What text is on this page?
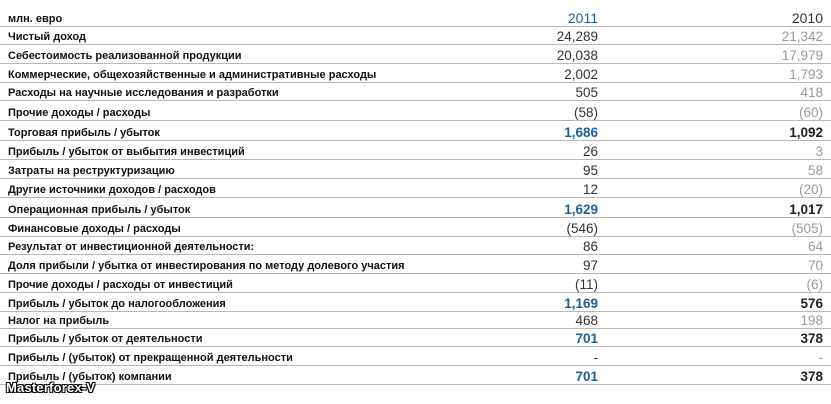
млн. евро	2011	2010
Чистый доход	24,289	21,342
Себестоимость реализованной продукции	20,038	17,979
Коммерческие, общехозяйственные и административные расходы	2,002	1,793
Расходы на научные исследования и разработки	505	418
Прочие доходы / расходы	(58)	(60)
Торговая прибыль / убыток	1,686	1,092
Прибыль / убыток от выбытия инвестиций	26	3
Затраты на реструктуризацию	95	58
Другие источники доходов / расходов	12	(20)
Операционная прибыль / убыток	1,629	1,017
Финансовые доходы / расходы	(546)	(505)
Результат от инвестиционной деятельности:	86	64
Доля прибыли / убытка от инвестирования по методу долевого участия	97	70
Прочие доходы / расходы от инвестиций	(11)	(6)
Прибыль / убыток до налогообложения	1,169	576
Налог на прибыль	468	198
Прибыль / убыток от деятельности	701	378
Прибыль / (убыток) от прекращенной деятельности	-	-
Прибыль / (убыток) компании	701	378
Masterforex-V
